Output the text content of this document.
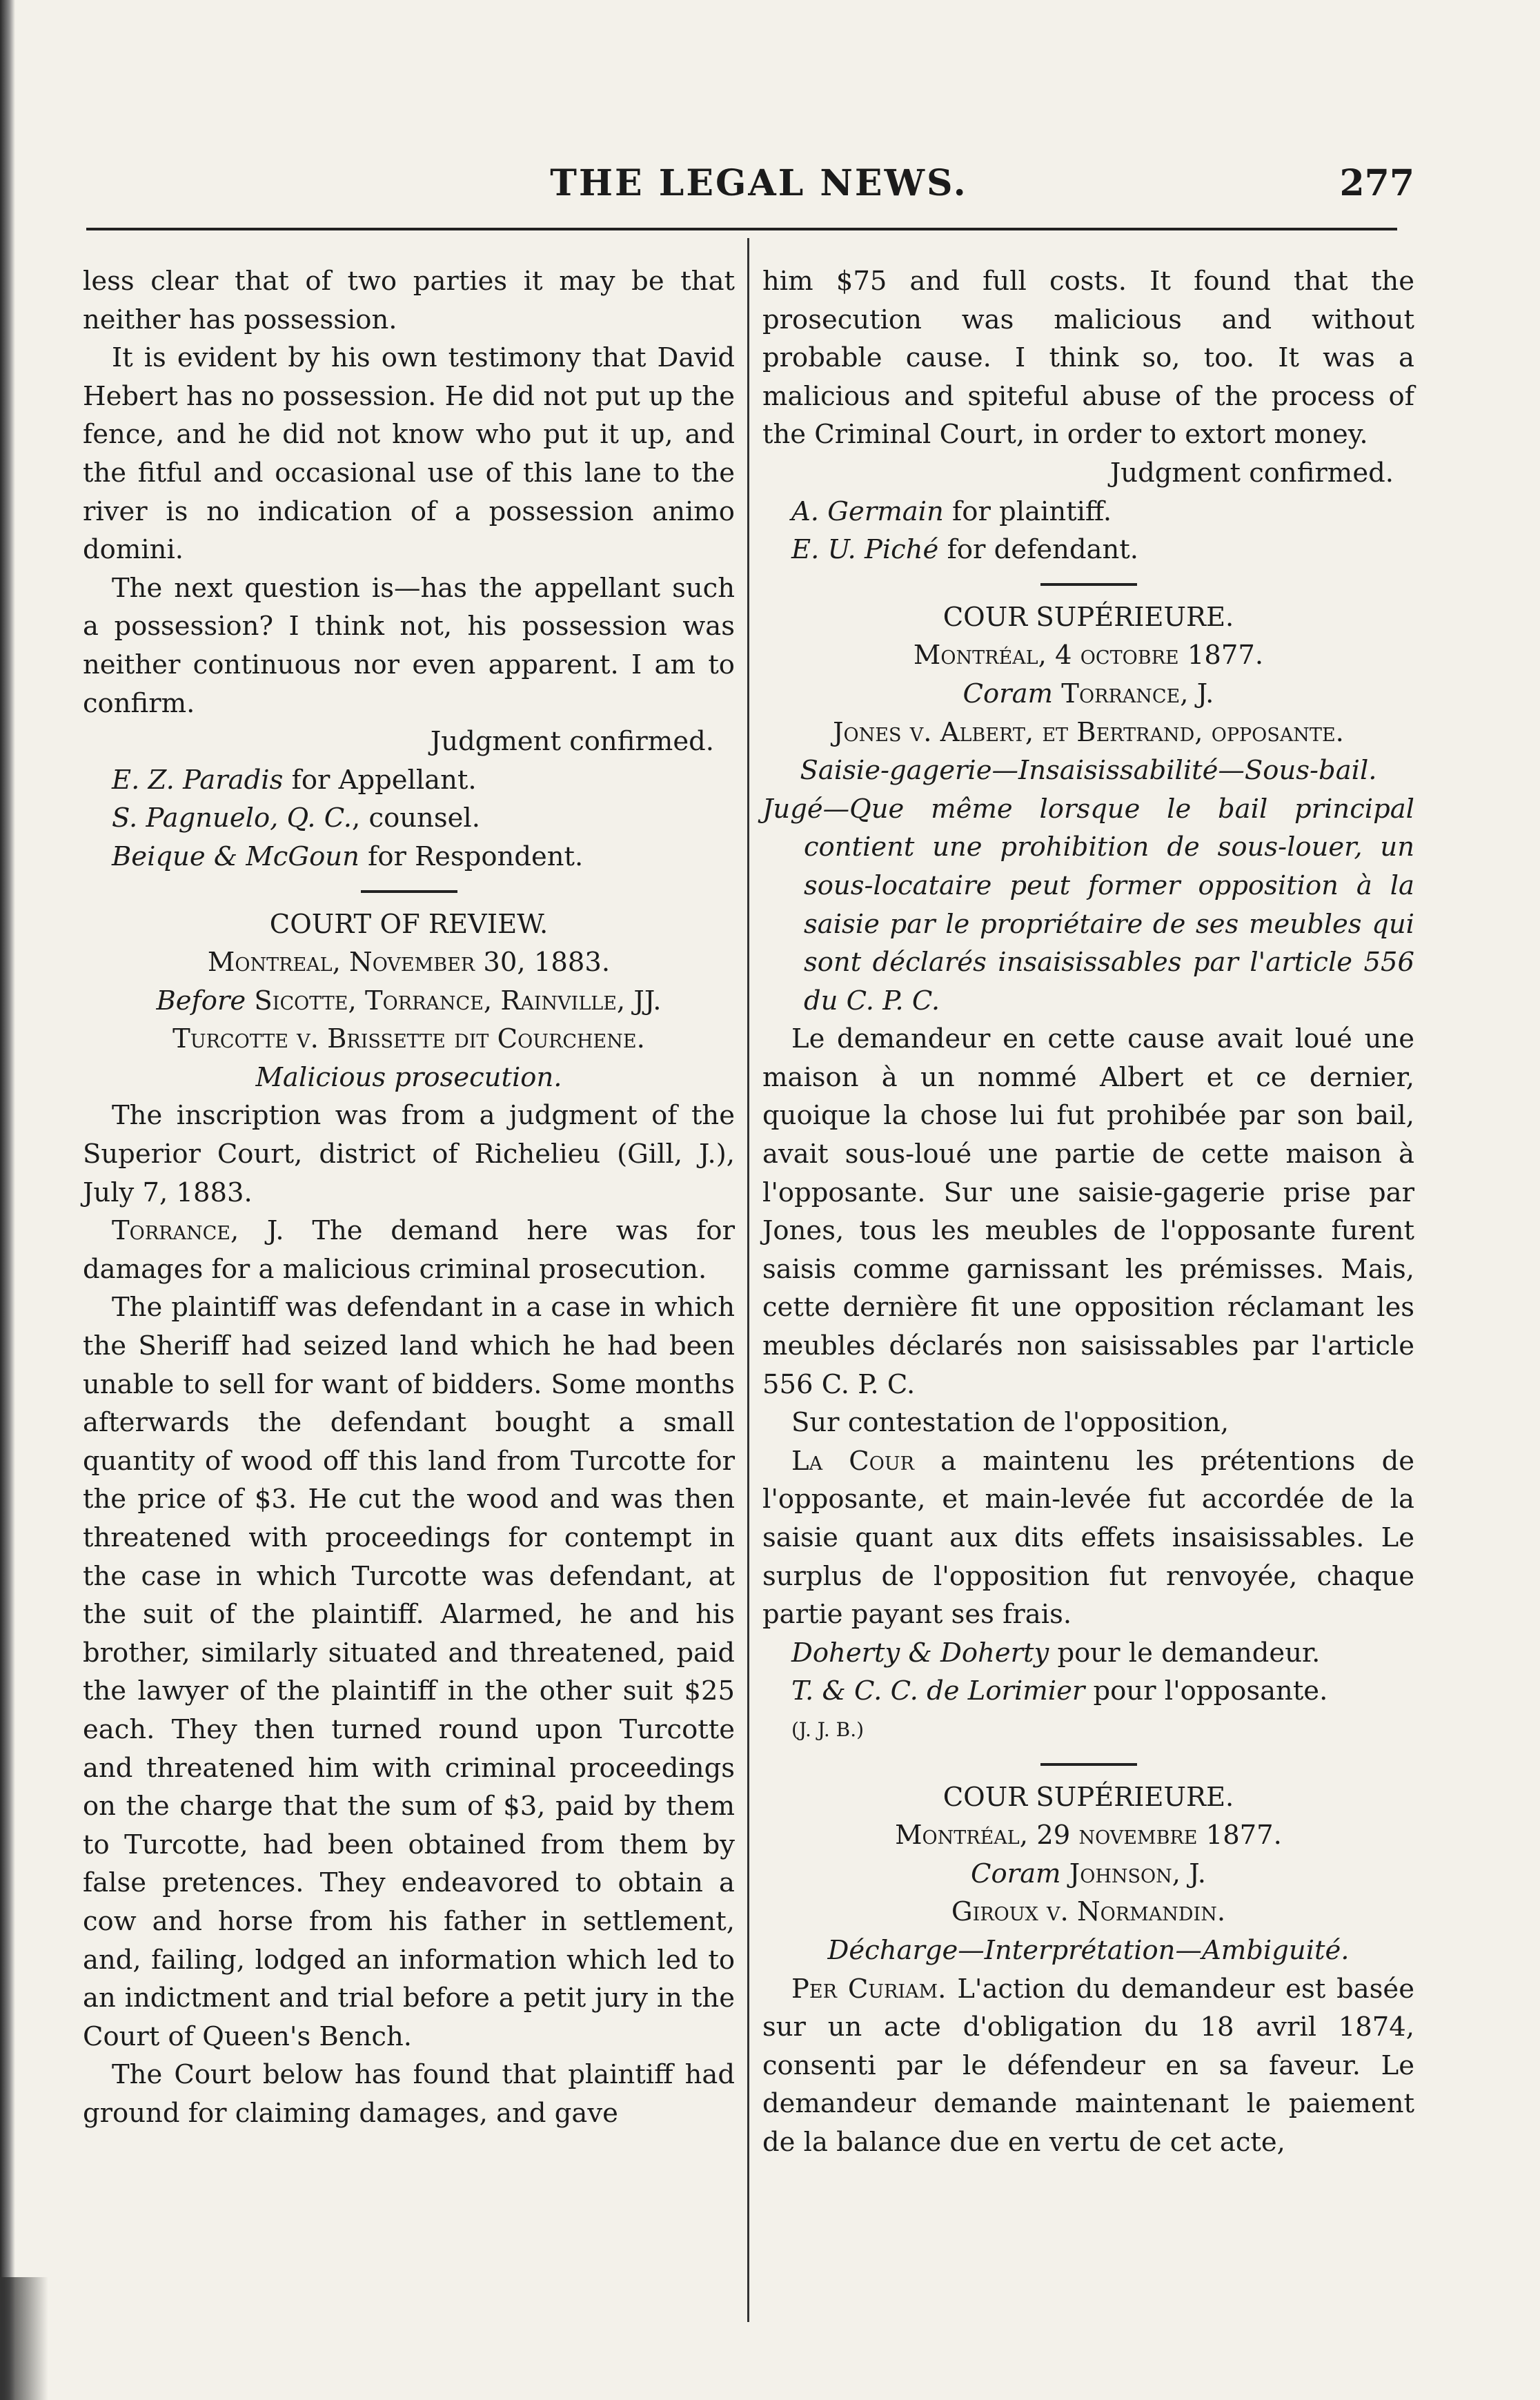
THE LEGAL NEWS.	277

less clear that of two parties it may be that neither has possession.

It is evident by his own testimony that David Hebert has no possession. He did not put up the fence, and he did not know who put it up, and the fitful and occasional use of this lane to the river is no indication of a possession animo domini.

The next question is—has the appellant such a possession? I think not, his possession was neither continuous nor even apparent. I am to confirm.

Judgment confirmed.

E. Z. Paradis for Appellant.

S. Pagnuelo, Q. C., counsel.

Beique & McGoun for Respondent.

COURT OF REVIEW.

Montreal, November 30, 1883.

Before Sicotte, Torrance, Rainville, JJ.

Turcotte v. Brissette dit Courchene.

Malicious prosecution.

The inscription was from a judgment of the Superior Court, district of Richelieu (Gill, J.), July 7, 1883.

Torrance, J. The demand here was for damages for a malicious criminal prosecution.

The plaintiff was defendant in a case in which the Sheriff had seized land which he had been unable to sell for want of bidders. Some months afterwards the defendant bought a small quantity of wood off this land from Turcotte for the price of $3. He cut the wood and was then threatened with proceedings for contempt in the case in which Turcotte was defendant, at the suit of the plaintiff. Alarmed, he and his brother, similarly situated and threatened, paid the lawyer of the plaintiff in the other suit $25 each. They then turned round upon Turcotte and threatened him with criminal proceedings on the charge that the sum of $3, paid by them to Turcotte, had been obtained from them by false pretences. They endeavored to obtain a cow and horse from his father in settlement, and, failing, lodged an information which led to an indictment and trial before a petit jury in the Court of Queen's Bench.

The Court below has found that plaintiff had ground for claiming damages, and gave

him $75 and full costs. It found that the prosecution was malicious and without probable cause. I think so, too. It was a malicious and spiteful abuse of the process of the Criminal Court, in order to extort money.

Judgment confirmed.

A. Germain for plaintiff.

E. U. Piché for defendant.

COUR SUPÉRIEURE.

Montréal, 4 octobre 1877.

Coram Torrance, J.

Jones v. Albert, et Bertrand, opposante.

Saisie-gagerie—Insaisissabilité—Sous-bail.

Jugé—Que même lorsque le bail principal contient une prohibition de sous-louer, un sous-locataire peut former opposition à la saisie par le propriétaire de ses meubles qui sont déclarés insaisissables par l'article 556 du C. P. C.

Le demandeur en cette cause avait loué une maison à un nommé Albert et ce dernier, quoique la chose lui fut prohibée par son bail, avait sous-loué une partie de cette maison à l'opposante. Sur une saisie-gagerie prise par Jones, tous les meubles de l'opposante furent saisis comme garnissant les prémisses. Mais, cette dernière fit une opposition réclamant les meubles déclarés non saisissables par l'article 556 C. P. C.

Sur contestation de l'opposition,

La Cour a maintenu les prétentions de l'opposante, et main-levée fut accordée de la saisie quant aux dits effets insaisissables. Le surplus de l'opposition fut renvoyée, chaque partie payant ses frais.

Doherty & Doherty pour le demandeur.

T. & C. C. de Lorimier pour l'opposante.

(J. J. B.)

COUR SUPÉRIEURE.

Montréal, 29 novembre 1877.

Coram Johnson, J.

Giroux v. Normandin.

Décharge—Interprétation—Ambiguité.

Per Curiam. L'action du demandeur est basée sur un acte d'obligation du 18 avril 1874, consenti par le défendeur en sa faveur. Le demandeur demande maintenant le paiement de la balance due en vertu de cet acte,
